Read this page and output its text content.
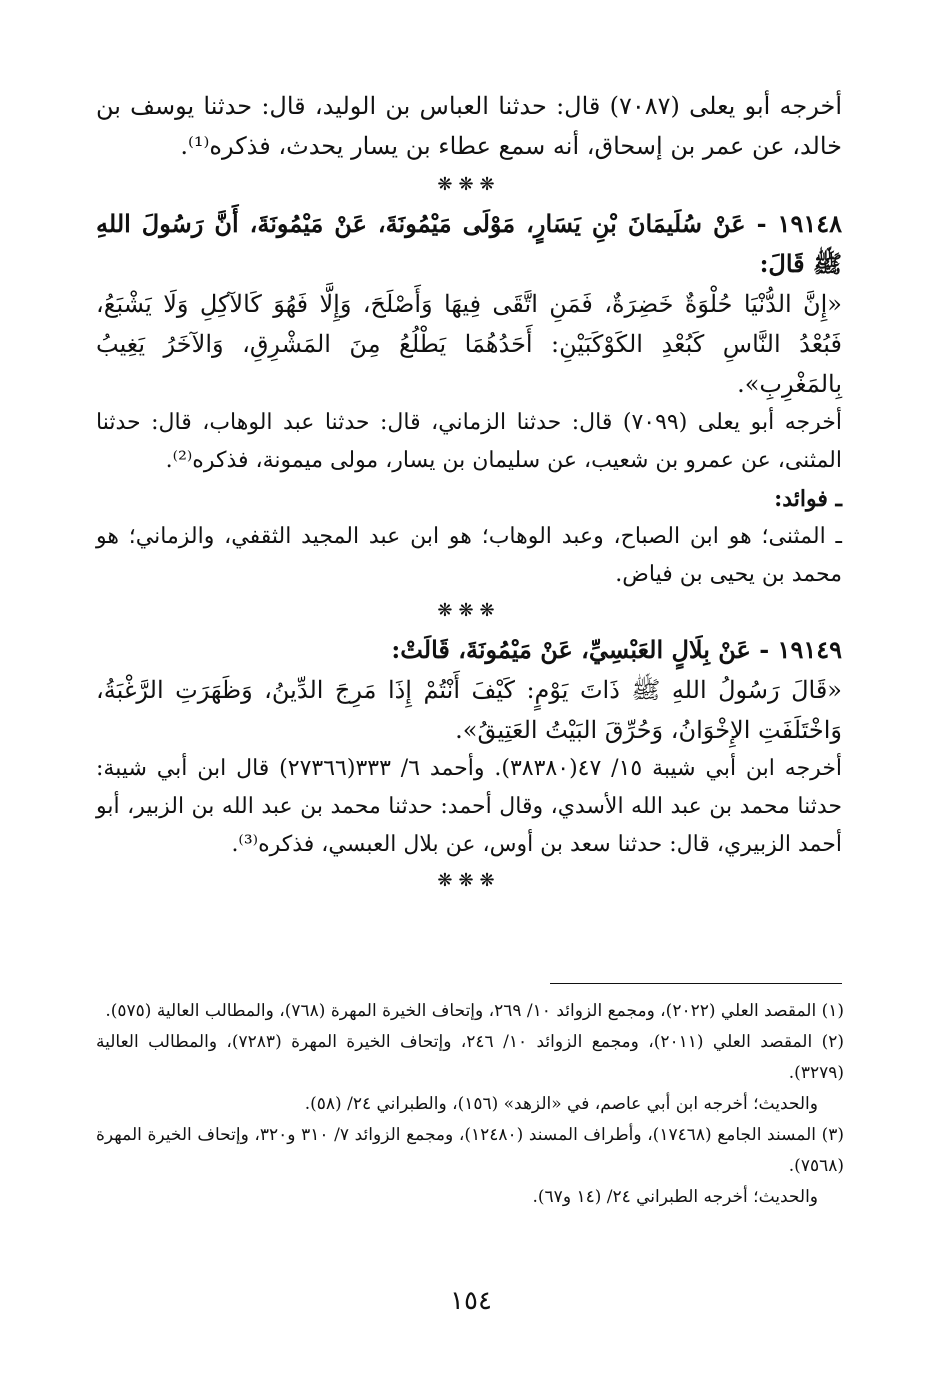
أخرجه أبو يعلى (٧٠٨٧) قال: حدثنا العباس بن الوليد، قال: حدثنا يوسف بن خالد، عن عمر بن إسحاق، أنه سمع عطاء بن يسار يحدث، فذكره⁽¹⁾.

❋❋❋

١٩١٤٨ - عَنْ سُلَيمَانَ بْنِ يَسَارٍ، مَوْلَى مَيْمُونَةَ، عَنْ مَيْمُونَةَ، أَنَّ رَسُولَ اللهِ ﷺ قَالَ:

«إِنَّ الدُّنْيَا حُلْوَةٌ خَضِرَةٌ، فَمَنِ اتَّقَى فِيهَا وَأَصْلَحَ، وَإِلَّا فَهُوَ كَالآكِلِ وَلَا يَشْبَعُ، فَبُعْدُ النَّاسِ كَبُعْدِ الكَوْكَبَيْنِ: أَحَدُهُمَا يَطْلُعُ مِنَ المَشْرِقِ، وَالآخَرُ يَغِيبُ بِالمَغْرِبِ».

أخرجه أبو يعلى (٧٠٩٩) قال: حدثنا الزماني، قال: حدثنا عبد الوهاب، قال: حدثنا المثنى، عن عمرو بن شعيب، عن سليمان بن يسار، مولى ميمونة، فذكره⁽²⁾.

ـ فوائد:

ـ المثنى؛ هو ابن الصباح، وعبد الوهاب؛ هو ابن عبد المجيد الثقفي، والزماني؛ هو محمد بن يحيى بن فياض.

❋❋❋

١٩١٤٩ - عَنْ بِلَالٍ العَبْسِيِّ، عَنْ مَيْمُونَةَ، قَالَتْ:

«قَالَ رَسُولُ اللهِ ﷺ ذَاتَ يَوْمٍ: كَيْفَ أَنْتُمْ إِذَا مَرِجَ الدِّينُ، وَظَهَرَتِ الرَّغْبَةُ، وَاخْتَلَفَتِ الإِخْوَانُ، وَحُرِّقَ البَيْتُ العَتِيقُ».

أخرجه ابن أبي شيبة ١٥/ ٤٧(٣٨٣٨٠). وأحمد ٦/ ٣٣٣(٢٧٣٦٦) قال ابن أبي شيبة: حدثنا محمد بن عبد الله الأسدي، وقال أحمد: حدثنا محمد بن عبد الله بن الزبير، أبو أحمد الزبيري، قال: حدثنا سعد بن أوس، عن بلال العبسي، فذكره⁽³⁾.

❋❋❋

(١) المقصد العلي (٢٠٢٢)، ومجمع الزوائد ١٠/ ٢٦٩، وإتحاف الخيرة المهرة (٧٦٨)، والمطالب العالية (٥٧٥).

(٢) المقصد العلي (٢٠١١)، ومجمع الزوائد ١٠/ ٢٤٦، وإتحاف الخيرة المهرة (٧٢٨٣)، والمطالب العالية (٣٢٧٩).

والحديث؛ أخرجه ابن أبي عاصم، في «الزهد» (١٥٦)، والطبراني ٢٤/ (٥٨).

(٣) المسند الجامع (١٧٤٦٨)، وأطراف المسند (١٢٤٨٠)، ومجمع الزوائد ٧/ ٣١٠ و٣٢٠، وإتحاف الخيرة المهرة (٧٥٦٨).

والحديث؛ أخرجه الطبراني ٢٤/ (١٤ و٦٧).

١٥٤
